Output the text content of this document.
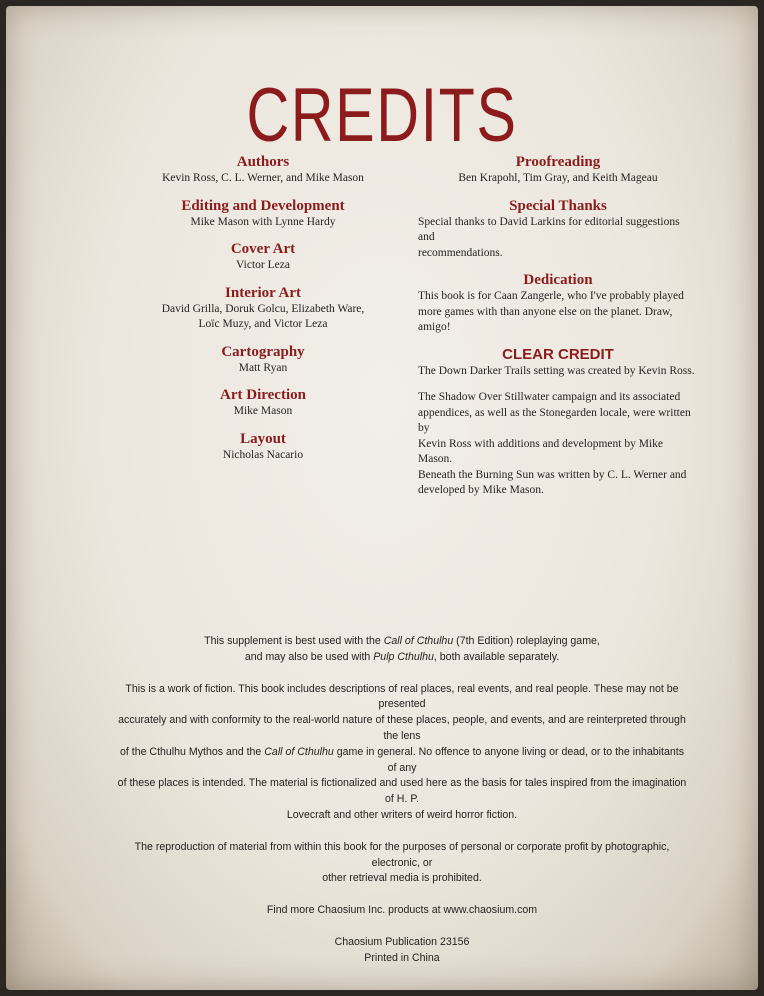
CREDITS
Authors
Kevin Ross, C. L. Werner, and Mike Mason
Editing and Development
Mike Mason with Lynne Hardy
Cover Art
Victor Leza
Interior Art
David Grilla, Doruk Golcu, Elizabeth Ware,
Loïc Muzy, and Victor Leza
Cartography
Matt Ryan
Art Direction
Mike Mason
Layout
Nicholas Nacario
Proofreading
Ben Krapohl, Tim Gray, and Keith Mageau
Special Thanks
Special thanks to David Larkins for editorial suggestions and
recommendations.
Dedication
This book is for Caan Zangerle, who I've probably played
more games with than anyone else on the planet. Draw, amigo!
CLEAR CREDIT
The Down Darker Trails setting was created by Kevin Ross.
The Shadow Over Stillwater campaign and its associated
appendices, as well as the Stonegarden locale, were written by
Kevin Ross with additions and development by Mike Mason.
Beneath the Burning Sun was written by C. L. Werner and
developed by Mike Mason.

This supplement is best used with the Call of Cthulhu (7th Edition) roleplaying game,
and may also be used with Pulp Cthulhu, both available separately.

This is a work of fiction. This book includes descriptions of real places, real events, and real people. These may not be presented
accurately and with conformity to the real-world nature of these places, people, and events, and are reinterpreted through the lens
of the Cthulhu Mythos and the Call of Cthulhu game in general. No offence to anyone living or dead, or to the inhabitants of any
of these places is intended. The material is fictionalized and used here as the basis for tales inspired from the imagination of H. P.
Lovecraft and other writers of weird horror fiction.

The reproduction of material from within this book for the purposes of personal or corporate profit by photographic, electronic, or
other retrieval media is prohibited.

Find more Chaosium Inc. products at www.chaosium.com

Chaosium Publication 23156
Printed in China
